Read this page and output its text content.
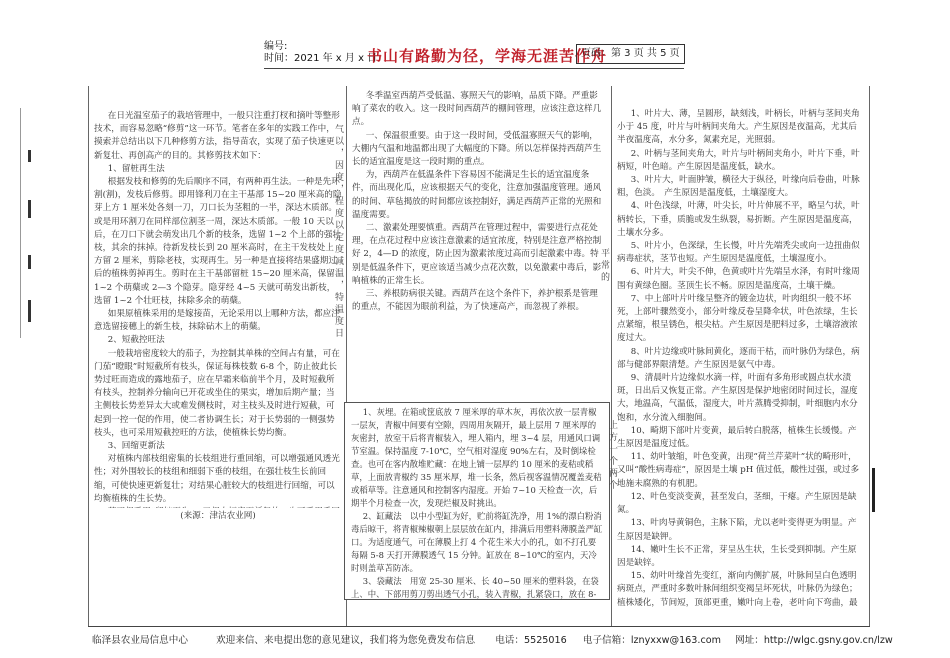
编号:
时间：2021 年 x 月 x 日
书山有路勤为径，学海无涯苦作舟
页码：第 3 页 共 5 页

在日光温室茄子的栽培管理中，一般只注重打杈和摘叶等整形技术，而容易忽略“修剪”这一环节。笔者在多年的实践工作中，摸索并总结出以下几种修剪方法，指导苗农，实现了茄子快速更新复壮、再创高产的目的。其修剪技术如下：

1、留桩再生法

根据发枝和修剪的先后顺序不同，有两种再生法。一种是先环割(割)，发枝后修剪。即用锋利刀在主干基部 15~20 厘米高的隐芽上方 1 厘米处各刻一刀，刀口长为茎粗的一半，深达木质部。或是用环割刀在同样部位割茎一周，深达木质部。一般 10 天以后，在刀口下就会萌发出几个新的枝条，选留 1~2 个上部的强壮枝，其余的抹掉。待新发枝长到 20 厘米高时，在主干发枝处上方留 2 厘米，剪除老枝，实现再生。另一种是直接将结果盛期过后的植株剪掉再生。剪时在主干基部留桩 15~20 厘米高，保留 1~2 个萌蘖或 2—3 个隐芽。隐芽经 4~5 天就可萌发出新枝，选留 1~2 个壮旺枝，抹除多余的萌蘖。

如果原植株采用的是嫁接苗，无论采用以上哪种方法，都应注意选留接穗上的新生枝，抹除砧木上的萌蘖。

2、短截控旺法

一般栽培密度较大的茄子，为控制其单株的空间占有量，可在门茄“瞪眼”时短截所有枝头，保证每株枝数 6-8 个，防止彼此长势过旺而造成的露地茄子，应在早霜来临前半个月，及时短截所有枝头，控制养分输向已开花或坐住的果实，增加后期产量；当主侧枝长势差异太大或难发侧枝时，对主枝头及时进行短截，可起到一控一促的作用，使二者协调生长；对于长势弱的一侧强势枝头，也可采用短截控旺的方法，使植株长势均衡。

3、回缩更新法

对植株内部枝组密集的长枝组进行重回缩，可以增强通风透光性；对外围较长的枝组和细弱下垂的枝组，在强壮枝生长前回缩，可使快速更新复壮；对结果心脏较大的枝组进行回缩，可以均衡植株的生长势。

(来源：津沽农业网)
气以，因度，程度以定度减温，特温度日

冬季温室西葫芦受低温、寡照天气的影响，品质下降。严重影响了菜农的收入。这一段时间西葫芦的棚间管理，应该注意这样几点。

一、保温很重要。由于这一段时间，受低温寡照天气的影响，大棚内气温和地温都出现了大幅度的下降。所以怎样保持西葫芦生长的适宜温度是这一段时期的重点。

为，西葫芦在低温条件下容易因不能满足生长的适宜温度条件，而出现化瓜，应该根据天气的变化，注意加强温度管理。通风的时间、草毡揭放的时间都应该控制好，满足西葫芦正常的光照和温度需要。

二、激素处理要慎重。西葫芦在管理过程中，需要进行点花处理，在点花过程中应该注意激素的适宜浓度，特别是注意严格控制好 2，4—D 的浓度，防止因为激素浓度过高而引起激素中毒。特别是低温条件下，更应该适当减少点花次数，以免激素中毒后，影响植株的正常生长。

三、养根防病很关键。西葫芦在这个条件下，养护根系是管理的重点，不能因为眼前利益，为了快速高产，而忽视了养根。

平常的

1、灰埋。在箱或筐底放 7 厘米厚的草木灰，再依次放一层青椒一层灰，青椒中间要有空隙，四周用灰隔开，最上层用 7 厘米厚的灰密封，放室干后将青椒装入，埋人箱内，埋 3~4 层，用通风口调节室温。保持温度 7-10℃，空气相对湿度 90%左右，及时倒垛检查。也可在客内散堆贮藏：在地上铺一层厚约 10 厘米的麦秸或稻草，上面放青椒约 35 厘米厚，堆一长条，然后视客温情况覆盖麦秸或稻草等。注意通风和控制客内湿度。开始 7~10 天检查一次，后期半个月检查一次，发现烂椒及时挑出。

2、缸藏法　以中小型缸为好，贮前将缸洗净，用 1%的漂白粉消毒后晾干，将青椒辣椒朝上层层放在缸内，排满后用塑料薄膜盖严缸口。为适度通气，可在薄膜上打 4 个花生米大小的孔，如不打孔要每隔 5-8 天打开薄膜透气 15 分钟。缸放在 8~10℃的室内，天冷时则盖草苫防冻。

3、袋藏法　用宽 25-30 厘米、长 40~50 厘米的塑料袋，在袋上、中、下部用剪刀剪出透气小孔，装入青椒，扎紧袋口，放在 8-

上方一个两个

1、叶片大、薄，呈圆形，缺刻浅，叶柄长，叶柄与茎间夹角小于 45 度，叶片与叶柄间夹角大。产生原因是夜温高，尤其后半夜温度高，水分多，氮素充足，光照弱。

2、叶柄与茎间夹角大，叶片与叶柄间夹角小，叶片下垂，叶柄短，叶色暗。产生原因是温度低，缺水。

3、叶片大，叶面肿皱，横径大于纵径，叶缘向后卷曲，叶脉粗，色淡。　产生原因是温度低，土壤湿度大。

4、叶色浅绿，叶薄，叶尖长，叶片伸展不平，略呈勺状，叶柄转长，下垂，质脆或发生纵裂，易折断。产生原因是温度高，土壤水分多。

5、叶片小，色深绿，生长慢，叶片先端秃尖或向一边扭曲似病毒症状，茎节也短。产生原因是温度低，土壤湿度小。

6、叶片大，叶尖不伸，色黄或叶片先端呈水泽，有时叶缘周围有黄绿色圈。茎顶生长不畅。原因是温度高，土壤干燥。

7、中上部叶片叶缘呈整齐的镀金边状，叶肉组织一般不坏死，上部叶骤然变小，部分叶缘反卷呈降伞状，叶色浓绿，生长点紧缩，根呈锈色，根尖枯。产生原因是肥料过多，土壤溶液浓度过大。

8、叶片边缘或叶脉间黄化，逐而干枯，而叶脉仍为绿色，病部与健部界限清楚。产生原因是氨气中毒。

9、清晨叶片边缘似水滴一样，叶面有多角形或圆点状水渍斑，日出后又恢复正常。产生原因是保护地密闭时间过长，湿度大，地温高，气温低，湿度大，叶片蒸腾受抑制，叶细胞内水分饱和，水分流入细胞间。

10、畸期下部叶片变黄，最后转白脱落，植株生长缓慢。产生原因是温度过低。

11、幼叶皱缩，叶色变黄，出现“荷兰芹菜叶”状的畸形叶，又叫“酸性病毒症”，原因是土壤 pH 值过低，酸性过强，或过多地施未腐熟的有机肥。

12、叶色变淡变黄，甚至发白，茎细，干瘪。产生原因是缺氮。

13、叶肉导黄铜色，主脉下陷，尤以老叶变得更为明显。产生原因是缺钾。

14、嫩叶生长不正常，芽呈丛生状，生长受到抑制。产生原因是缺锌。

15、幼叶叶缘首先变红，渐向内侧扩展，叶脉间呈白色透明病斑点，严重时多数叶脉间组织变褐呈坏死状，叶脉仍为绿色；植株矮化，节间短，顶部更重，嫩叶向上卷，老叶向下弯曲，最

临泽县农业局信息中心	欢迎来信、来电提出您的意见建议，我们将为您免费发布信息 电话：5525016 电子信箱：lznyxxw@163.com 网址：http://wlgc.gsny.gov.cn/lzw
